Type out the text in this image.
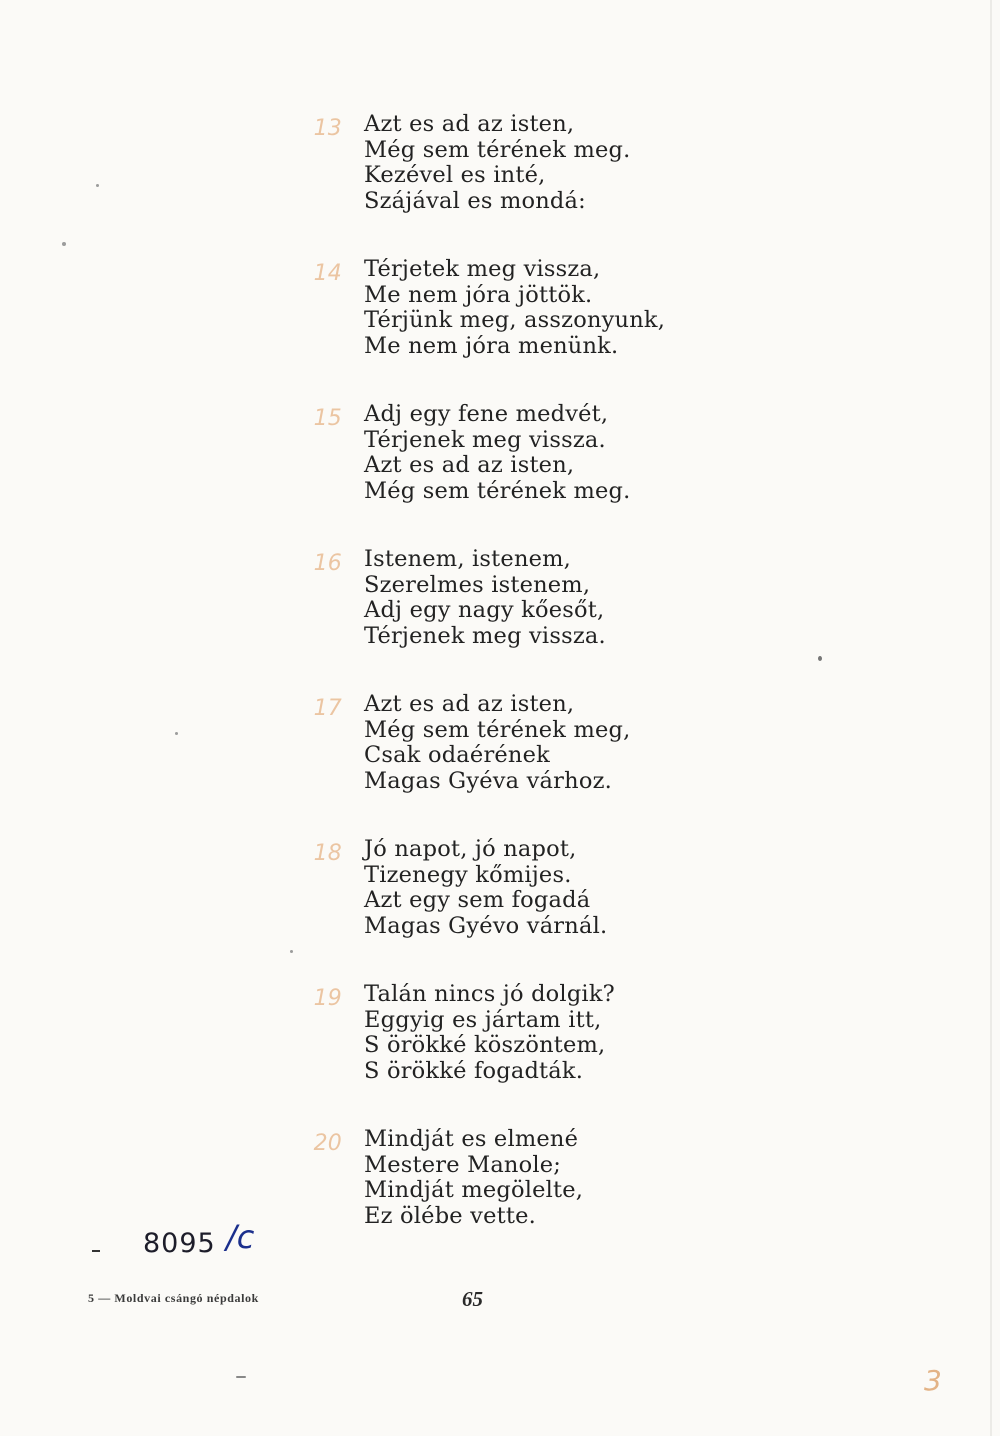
13 Azt es ad az isten,
Még sem térének meg.
Kezével es inté,
Szájával es mondá:
14 Térjetek meg vissza,
Me nem jóra jöttök.
Térjünk meg, asszonyunk,
Me nem jóra menünk.
15 Adj egy fene medvét,
Térjenek meg vissza.
Azt es ad az isten,
Még sem térének meg.
16 Istenem, istenem,
Szerelmes istenem,
Adj egy nagy kőesőt,
Térjenek meg vissza.
17 Azt es ad az isten,
Még sem térének meg,
Csak odaérének
Magas Gyéva várhoz.
18 Jó napot, jó napot,
Tizenegy kőmijes.
Azt egy sem fogadá
Magas Gyévo várnál.
19 Talán nincs jó dolgik?
Eggyig es jártam itt,
S örökké köszöntem,
S örökké fogadták.
20 Mindját es elmené
Mestere Manole;
Mindját megölelte,
Ez ölébe vette.
8095 /c
5 — Moldvai csángó népdalok	65
3
